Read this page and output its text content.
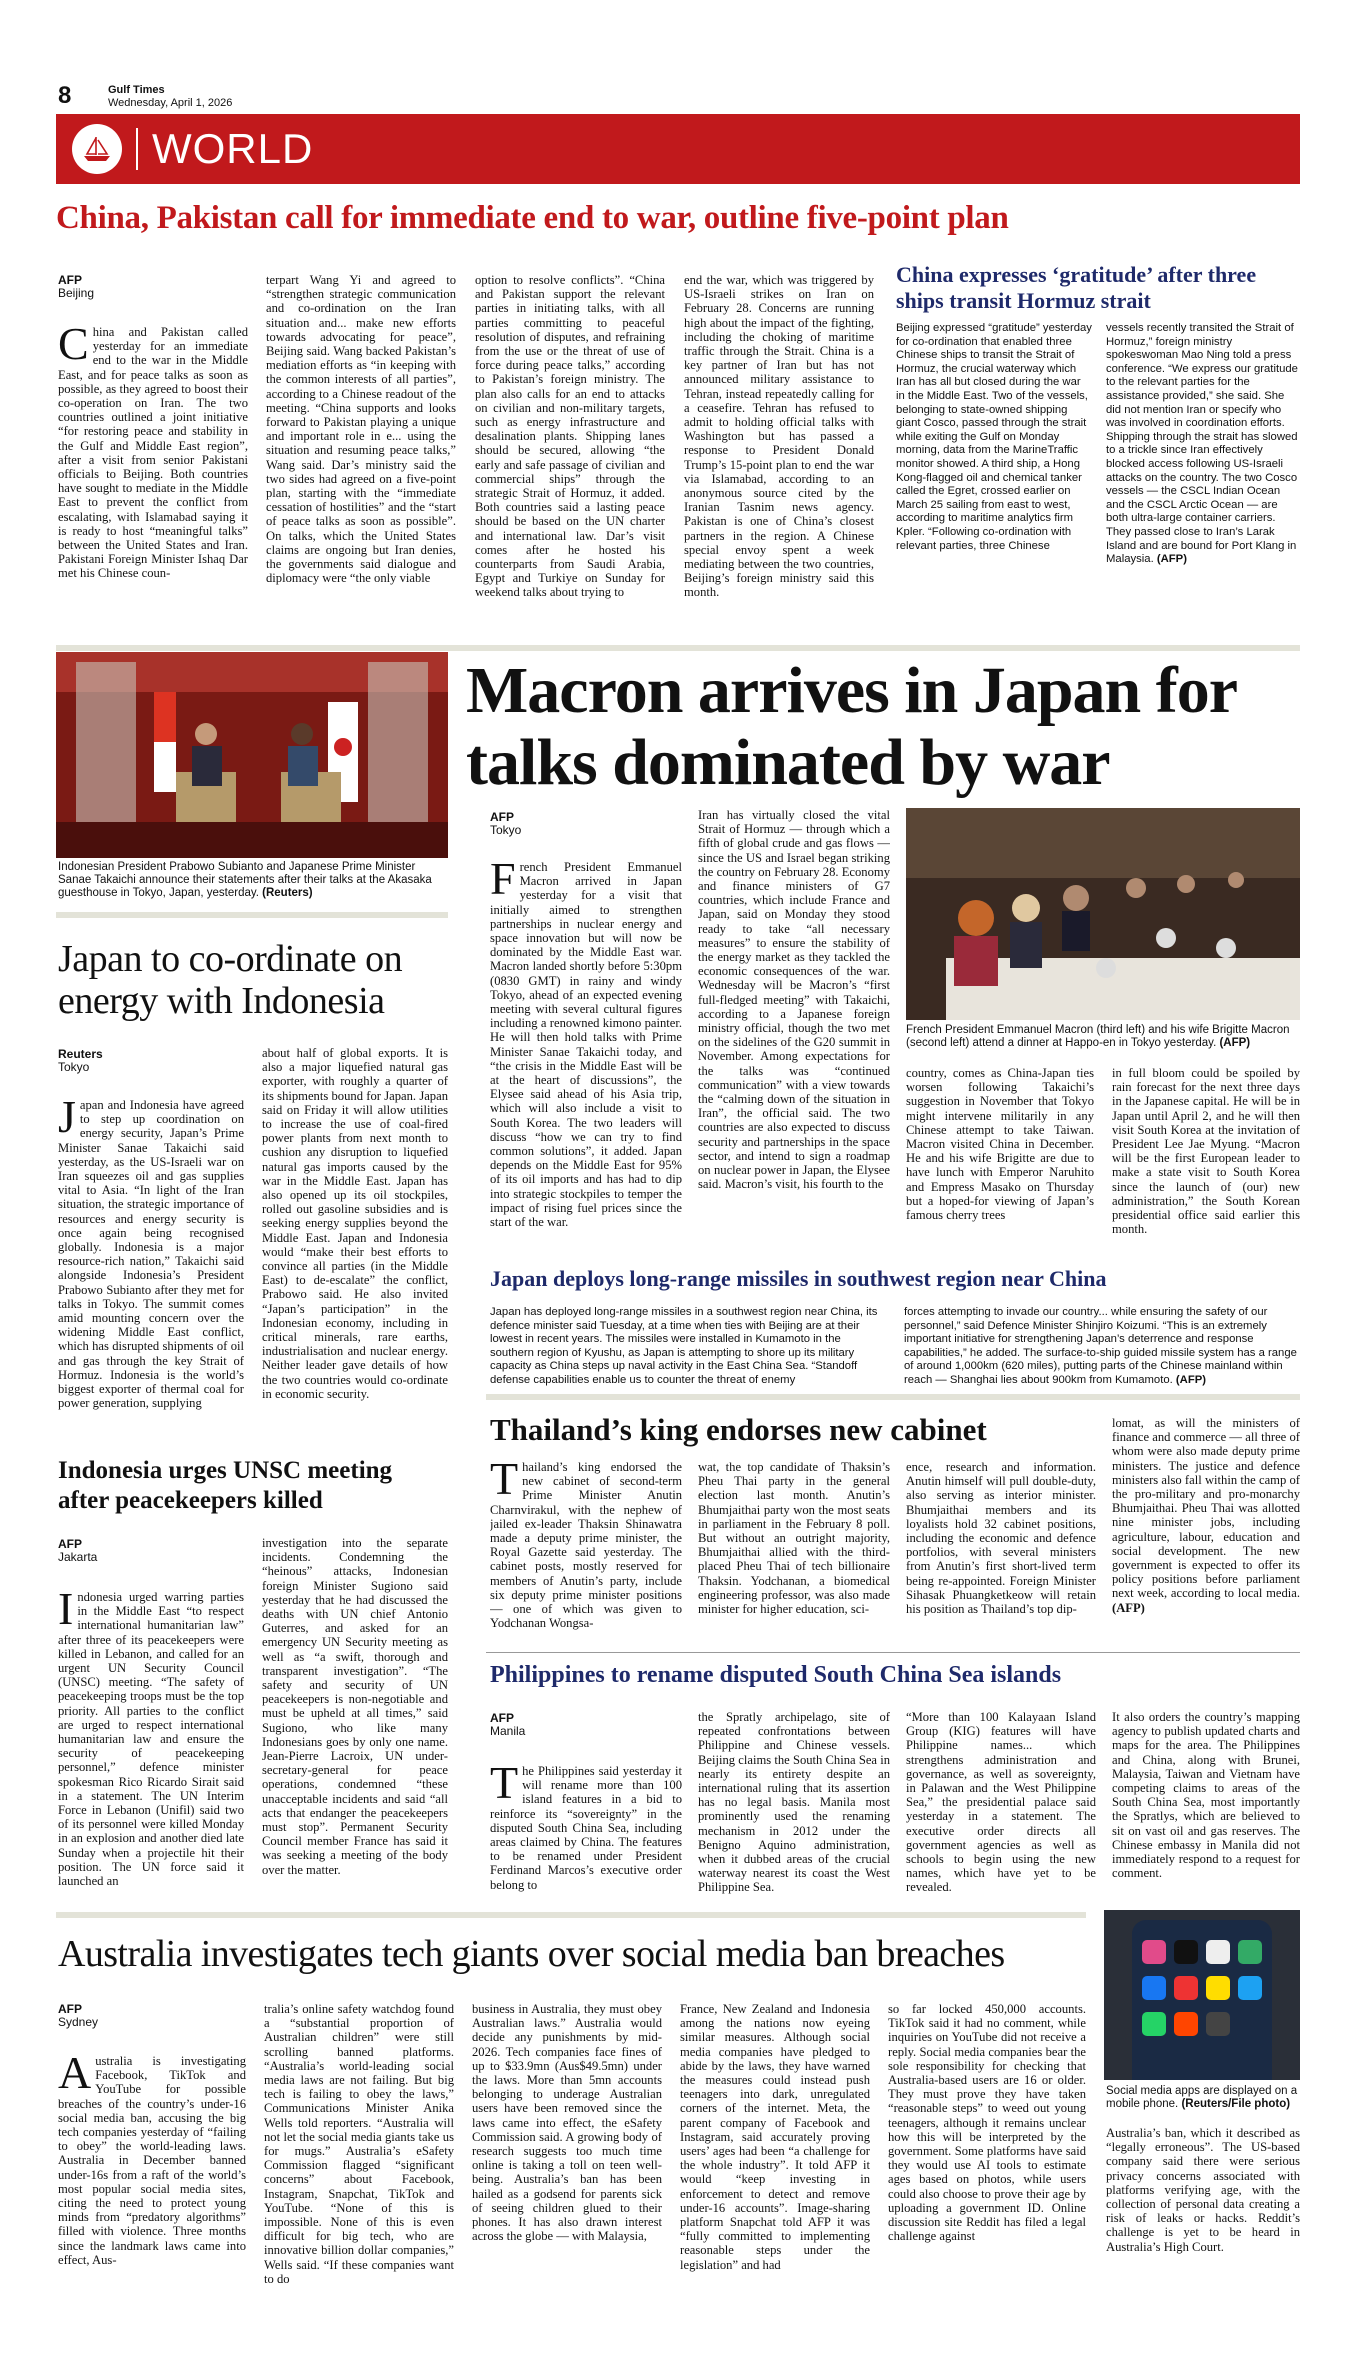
8	Gulf Times
Wednesday, April 1, 2026
WORLD
China, Pakistan call for immediate end to war, outline five-point plan
AFP
Beijing
China and Pakistan called yesterday for an immediate end to the war in the Middle East, and for peace talks as soon as possible, as they agreed to boost their co-operation on Iran. The two countries outlined a joint initiative “for restoring peace and stability in the Gulf and Middle East region”, after a visit from senior Pakistani officials to Beijing. Both countries have sought to mediate in the Middle East to prevent the conflict from escalating, with Islamabad saying it is ready to host “meaningful talks” between the United States and Iran. Pakistani Foreign Minister Ishaq Dar met his Chinese coun-
terpart Wang Yi and agreed to “strengthen strategic communication and co-ordination on the Iran situation and... make new efforts towards advocating for peace”, Beijing said. Wang backed Pakistan’s mediation efforts as “in keeping with the common interests of all parties”, according to a Chinese readout of the meeting. “China supports and looks forward to Pakistan playing a unique and important role in e... using the situation and resuming peace talks,” Wang said. Dar’s ministry said the two sides had agreed on a five-point plan, starting with the “immediate cessation of hostilities” and the “start of peace talks as soon as possible”. On talks, which the United States claims are ongoing but Iran denies, the governments said dialogue and diplomacy were “the only viable
option to resolve conflicts”. “China and Pakistan support the relevant parties in initiating talks, with all parties committing to peaceful resolution of disputes, and refraining from the use or the threat of use of force during peace talks,” according to Pakistan’s foreign ministry. The plan also calls for an end to attacks on civilian and non-military targets, such as energy infrastructure and desalination plants. Shipping lanes should be secured, allowing “the early and safe passage of civilian and commercial ships” through the strategic Strait of Hormuz, it added. Both countries said a lasting peace should be based on the UN charter and international law. Dar’s visit comes after he hosted his counterparts from Saudi Arabia, Egypt and Turkiye on Sunday for weekend talks about trying to
end the war, which was triggered by US-Israeli strikes on Iran on February 28. Concerns are running high about the impact of the fighting, including the choking of maritime traffic through the Strait. China is a key partner of Iran but has not announced military assistance to Tehran, instead repeatedly calling for a ceasefire. Tehran has refused to admit to holding official talks with Washington but has passed a response to President Donald Trump’s 15-point plan to end the war via Islamabad, according to an anonymous source cited by the Iranian Tasnim news agency. Pakistan is one of China’s closest partners in the region. A Chinese special envoy spent a week mediating between the two countries, Beijing’s foreign ministry said this month.
China expresses ‘gratitude’ after three ships transit Hormuz strait
Beijing expressed “gratitude” yesterday for co-ordination that enabled three Chinese ships to transit the Strait of Hormuz, the crucial waterway which Iran has all but closed during the war in the Middle East. Two of the vessels, belonging to state-owned shipping giant Cosco, passed through the strait while exiting the Gulf on Monday morning, data from the MarineTraffic monitor showed. A third ship, a Hong Kong-flagged oil and chemical tanker called the Egret, crossed earlier on March 25 sailing from east to west, according to maritime analytics firm Kpler. “Following co-ordination with relevant parties, three Chinese
vessels recently transited the Strait of Hormuz,” foreign ministry spokeswoman Mao Ning told a press conference. “We express our gratitude to the relevant parties for the assistance provided,” she said. She did not mention Iran or specify who was involved in coordination efforts. Shipping through the strait has slowed to a trickle since Iran effectively blocked access following US-Israeli attacks on the country. The two Cosco vessels — the CSCL Indian Ocean and the CSCL Arctic Ocean — are both ultra-large container carriers. They passed close to Iran’s Larak Island and are bound for Port Klang in Malaysia. (AFP)
Indonesian President Prabowo Subianto and Japanese Prime Minister Sanae Takaichi announce their statements after their talks at the Akasaka guesthouse in Tokyo, Japan, yesterday. (Reuters)
Japan to co-ordinate on energy with Indonesia
Reuters
Tokyo
Japan and Indonesia have agreed to step up coordination on energy security, Japan’s Prime Minister Sanae Takaichi said yesterday, as the US-Israeli war on Iran squeezes oil and gas supplies vital to Asia. “In light of the Iran situation, the strategic importance of resources and energy security is once again being recognised globally. Indonesia is a major resource-rich nation,” Takaichi said alongside Indonesia’s President Prabowo Subianto after they met for talks in Tokyo. The summit comes amid mounting concern over the widening Middle East conflict, which has disrupted shipments of oil and gas through the key Strait of Hormuz. Indonesia is the world’s biggest exporter of thermal coal for power generation, supplying
about half of global exports. It is also a major liquefied natural gas exporter, with roughly a quarter of its shipments bound for Japan. Japan said on Friday it will allow utilities to increase the use of coal-fired power plants from next month to cushion any disruption to liquefied natural gas imports caused by the war in the Middle East. Japan has also opened up its oil stockpiles, rolled out gasoline subsidies and is seeking energy supplies beyond the Middle East. Japan and Indonesia would “make their best efforts to convince all parties (in the Middle East) to de-escalate” the conflict, Prabowo said. He also invited “Japan’s participation” in the Indonesian economy, including in critical minerals, rare earths, industrialisation and nuclear energy. Neither leader gave details of how the two countries would co-ordinate in economic security.
Macron arrives in Japan for talks dominated by war
AFP
Tokyo
French President Emmanuel Macron arrived in Japan yesterday for a visit that initially aimed to strengthen partnerships in nuclear energy and space innovation but will now be dominated by the Middle East war. Macron landed shortly before 5:30pm (0830 GMT) in rainy and windy Tokyo, ahead of an expected evening meeting with several cultural figures including a renowned kimono painter. He will then hold talks with Prime Minister Sanae Takaichi today, and “the crisis in the Middle East will be at the heart of discussions”, the Elysee said ahead of his Asia trip, which will also include a visit to South Korea. The two leaders will discuss “how we can try to find common solutions”, it added. Japan depends on the Middle East for 95% of its oil imports and has had to dip into strategic stockpiles to temper the impact of rising fuel prices since the start of the war.
Iran has virtually closed the vital Strait of Hormuz — through which a fifth of global crude and gas flows — since the US and Israel began striking the country on February 28. Economy and finance ministers of G7 countries, which include France and Japan, said on Monday they stood ready to take “all necessary measures” to ensure the stability of the energy market as they tackled the economic consequences of the war. Wednesday will be Macron’s “first full-fledged meeting” with Takaichi, according to a Japanese foreign ministry official, though the two met on the sidelines of the G20 summit in November. Among expectations for the talks was “continued communication” with a view towards the “calming down of the situation in Iran”, the official said. The two countries are also expected to discuss security and partnerships in the space sector, and intend to sign a roadmap on nuclear power in Japan, the Elysee said. Macron’s visit, his fourth to the
French President Emmanuel Macron (third left) and his wife Brigitte Macron (second left) attend a dinner at Happo-en in Tokyo yesterday. (AFP)
country, comes as China-Japan ties worsen following Takaichi’s suggestion in November that Tokyo might intervene militarily in any Chinese attempt to take Taiwan. Macron visited China in December. He and his wife Brigitte are due to have lunch with Emperor Naruhito and Empress Masako on Thursday but a hoped-for viewing of Japan’s famous cherry trees
in full bloom could be spoiled by rain forecast for the next three days in the Japanese capital. He will be in Japan until April 2, and he will then visit South Korea at the invitation of President Lee Jae Myung. “Macron will be the first European leader to make a state visit to South Korea since the launch of (our) new administration,” the South Korean presidential office said earlier this month.
Japan deploys long-range missiles in southwest region near China
Japan has deployed long-range missiles in a southwest region near China, its defence minister said Tuesday, at a time when ties with Beijing are at their lowest in recent years. The missiles were installed in Kumamoto in the southern region of Kyushu, as Japan is attempting to shore up its military capacity as China steps up naval activity in the East China Sea. “Standoff defense capabilities enable us to counter the threat of enemy
forces attempting to invade our country... while ensuring the safety of our personnel,” said Defence Minister Shinjiro Koizumi. “This is an extremely important initiative for strengthening Japan’s deterrence and response capabilities,” he added. The surface-to-ship guided missile system has a range of around 1,000km (620 miles), putting parts of the Chinese mainland within reach — Shanghai lies about 900km from Kumamoto. (AFP)
Thailand’s king endorses new cabinet
Thailand’s king endorsed the new cabinet of second-term Prime Minister Anutin Charnvirakul, with the nephew of jailed ex-leader Thaksin Shinawatra made a deputy prime minister, the Royal Gazette said yesterday. The cabinet posts, mostly reserved for members of Anutin’s party, include six deputy prime minister positions — one of which was given to Yodchanan Wongsa-
wat, the top candidate of Thaksin’s Pheu Thai party in the general election last month. Anutin’s Bhumjaithai party won the most seats in parliament in the February 8 poll. But without an outright majority, Bhumjaithai allied with the third-placed Pheu Thai of tech billionaire Thaksin. Yodchanan, a biomedical engineering professor, was also made minister for higher education, sci-
ence, research and information. Anutin himself will pull double-duty, also serving as interior minister. Bhumjaithai members and its loyalists hold 32 cabinet positions, including the economic and defence portfolios, with several ministers from Anutin’s first short-lived term being re-appointed. Foreign Minister Sihasak Phuangketkeow will retain his position as Thailand’s top dip-
lomat, as will the ministers of finance and commerce — all three of whom were also made deputy prime ministers. The justice and defence ministers also fall within the camp of the pro-military and pro-monarchy Bhumjaithai. Pheu Thai was allotted nine minister jobs, including agriculture, labour, education and social development. The new government is expected to offer its policy positions before parliament next week, according to local media. (AFP)
Indonesia urges UNSC meeting after peacekeepers killed
AFP
Jakarta
Indonesia urged warring parties in the Middle East “to respect international humanitarian law” after three of its peacekeepers were killed in Lebanon, and called for an urgent UN Security Council (UNSC) meeting. “The safety of peacekeeping troops must be the top priority. All parties to the conflict are urged to respect international humanitarian law and ensure the security of peacekeeping personnel,” defence minister spokesman Rico Ricardo Sirait said in a statement. The UN Interim Force in Lebanon (Unifil) said two of its personnel were killed Monday in an explosion and another died late Sunday when a projectile hit their position. The UN force said it launched an
investigation into the separate incidents. Condemning the “heinous” attacks, Indonesian foreign Minister Sugiono said yesterday that he had discussed the deaths with UN chief Antonio Guterres, and asked for an emergency UN Security meeting as well as “a swift, thorough and transparent investigation”. “The safety and security of UN peacekeepers is non-negotiable and must be upheld at all times,” said Sugiono, who like many Indonesians goes by only one name. Jean-Pierre Lacroix, UN under-secretary-general for peace operations, condemned “these unacceptable incidents and said “all acts that endanger the peacekeepers must stop”. Permanent Security Council member France has said it was seeking a meeting of the body over the matter.
Philippines to rename disputed South China Sea islands
AFP
Manila
The Philippines said yesterday it will rename more than 100 island features in a bid to reinforce its “sovereignty” in the disputed South China Sea, including areas claimed by China. The features to be renamed under President Ferdinand Marcos’s executive order belong to
the Spratly archipelago, site of repeated confrontations between Philippine and Chinese vessels. Beijing claims the South China Sea in nearly its entirety despite an international ruling that its assertion has no legal basis. Manila most prominently used the renaming mechanism in 2012 under the Benigno Aquino administration, when it dubbed areas of the crucial waterway nearest its coast the West Philippine Sea.
“More than 100 Kalayaan Island Group (KIG) features will have Philippine names... which strengthens administration and governance, as well as sovereignty, in Palawan and the West Philippine Sea,” the presidential palace said yesterday in a statement. The executive order directs all government agencies as well as schools to begin using the new names, which have yet to be revealed.
It also orders the country’s mapping agency to publish updated charts and maps for the area. The Philippines and China, along with Brunei, Malaysia, Taiwan and Vietnam have competing claims to areas of the South China Sea, most importantly the Spratlys, which are believed to sit on vast oil and gas reserves. The Chinese embassy in Manila did not immediately respond to a request for comment.
Australia investigates tech giants over social media ban breaches
AFP
Sydney
Australia is investigating Facebook, TikTok and YouTube for possible breaches of the country’s under-16 social media ban, accusing the big tech companies yesterday of “failing to obey” the world-leading laws. Australia in December banned under-16s from a raft of the world’s most popular social media sites, citing the need to protect young minds from “predatory algorithms” filled with violence. Three months since the landmark laws came into effect, Aus-
tralia’s online safety watchdog found a “substantial proportion of Australian children” were still scrolling banned platforms. “Australia’s world-leading social media laws are not failing. But big tech is failing to obey the laws,” Communications Minister Anika Wells told reporters. “Australia will not let the social media giants take us for mugs.” Australia’s eSafety Commission flagged “significant concerns” about Facebook, Instagram, Snapchat, TikTok and YouTube. “None of this is impossible. None of this is even difficult for big tech, who are innovative billion dollar companies,” Wells said. “If these companies want to do
business in Australia, they must obey Australian laws.” Australia would decide any punishments by mid-2026. Tech companies face fines of up to $33.9mn (Aus$49.5mn) under the laws. More than 5mn accounts belonging to underage Australian users have been removed since the laws came into effect, the eSafety Commission said. A growing body of research suggests too much time online is taking a toll on teen well-being. Australia’s ban has been hailed as a godsend for parents sick of seeing children glued to their phones. It has also drawn interest across the globe — with Malaysia,
France, New Zealand and Indonesia among the nations now eyeing similar measures. Although social media companies have pledged to abide by the laws, they have warned the measures could instead push teenagers into dark, unregulated corners of the internet. Meta, the parent company of Facebook and Instagram, said accurately proving users’ ages had been “a challenge for the whole industry”. It told AFP it would “keep investing in enforcement to detect and remove under-16 accounts”. Image-sharing platform Snapchat told AFP it was “fully committed to implementing reasonable steps under the legislation” and had
so far locked 450,000 accounts. TikTok said it had no comment, while inquiries on YouTube did not receive a reply. Social media companies bear the sole responsibility for checking that Australia-based users are 16 or older. They must prove they have taken “reasonable steps” to weed out young teenagers, although it remains unclear how this will be interpreted by the government. Some platforms have said they would use AI tools to estimate ages based on photos, while users could also choose to prove their age by uploading a government ID. Online discussion site Reddit has filed a legal challenge against
Social media apps are displayed on a mobile phone. (Reuters/File photo)
Australia’s ban, which it described as “legally erroneous”. The US-based company said there were serious privacy concerns associated with platforms verifying age, with the collection of personal data creating a risk of leaks or hacks. Reddit’s challenge is yet to be heard in Australia’s High Court.
